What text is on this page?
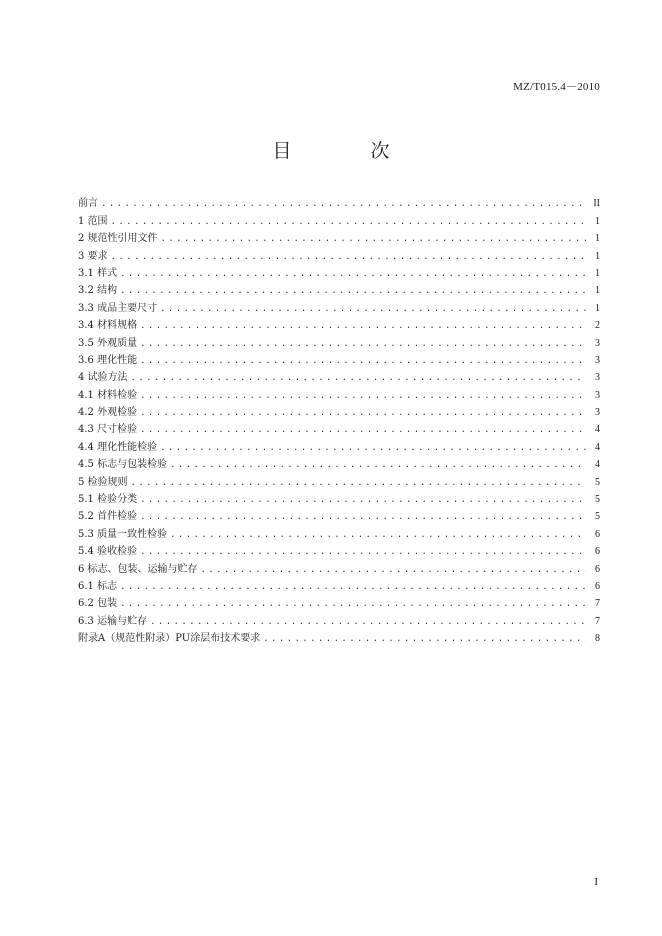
MZ/T015.4－2010
目　次
前言 .....	II
1 范围 .....	1
2 规范性引用文件 .....	1
3 要求 .....	1
3.1 样式 .....	1
3.2 结构 .....	1
3.3 成品主要尺寸 .....	1
3.4 材料规格 .....	2
3.5 外观质量 .....	3
3.6 理化性能 .....	3
4 试验方法 .....	3
4.1 材料检验 .....	3
4.2 外观检验 .....	3
4.3 尺寸检验 .....	4
4.4 理化性能检验 .....	4
4.5 标志与包装检验 .....	4
5 检验规则 .....	5
5.1 检验分类 .....	5
5.2 首件检验 .....	5
5.3 质量一致性检验 .....	6
5.4 验收检验 .....	6
6 标志、包装、运输与贮存 .....	6
6.1 标志 .....	6
6.2 包装 .....	7
6.3 运输与贮存 .....	7
附录A（规范性附录）PU涂层布技术要求 .....	8
I
